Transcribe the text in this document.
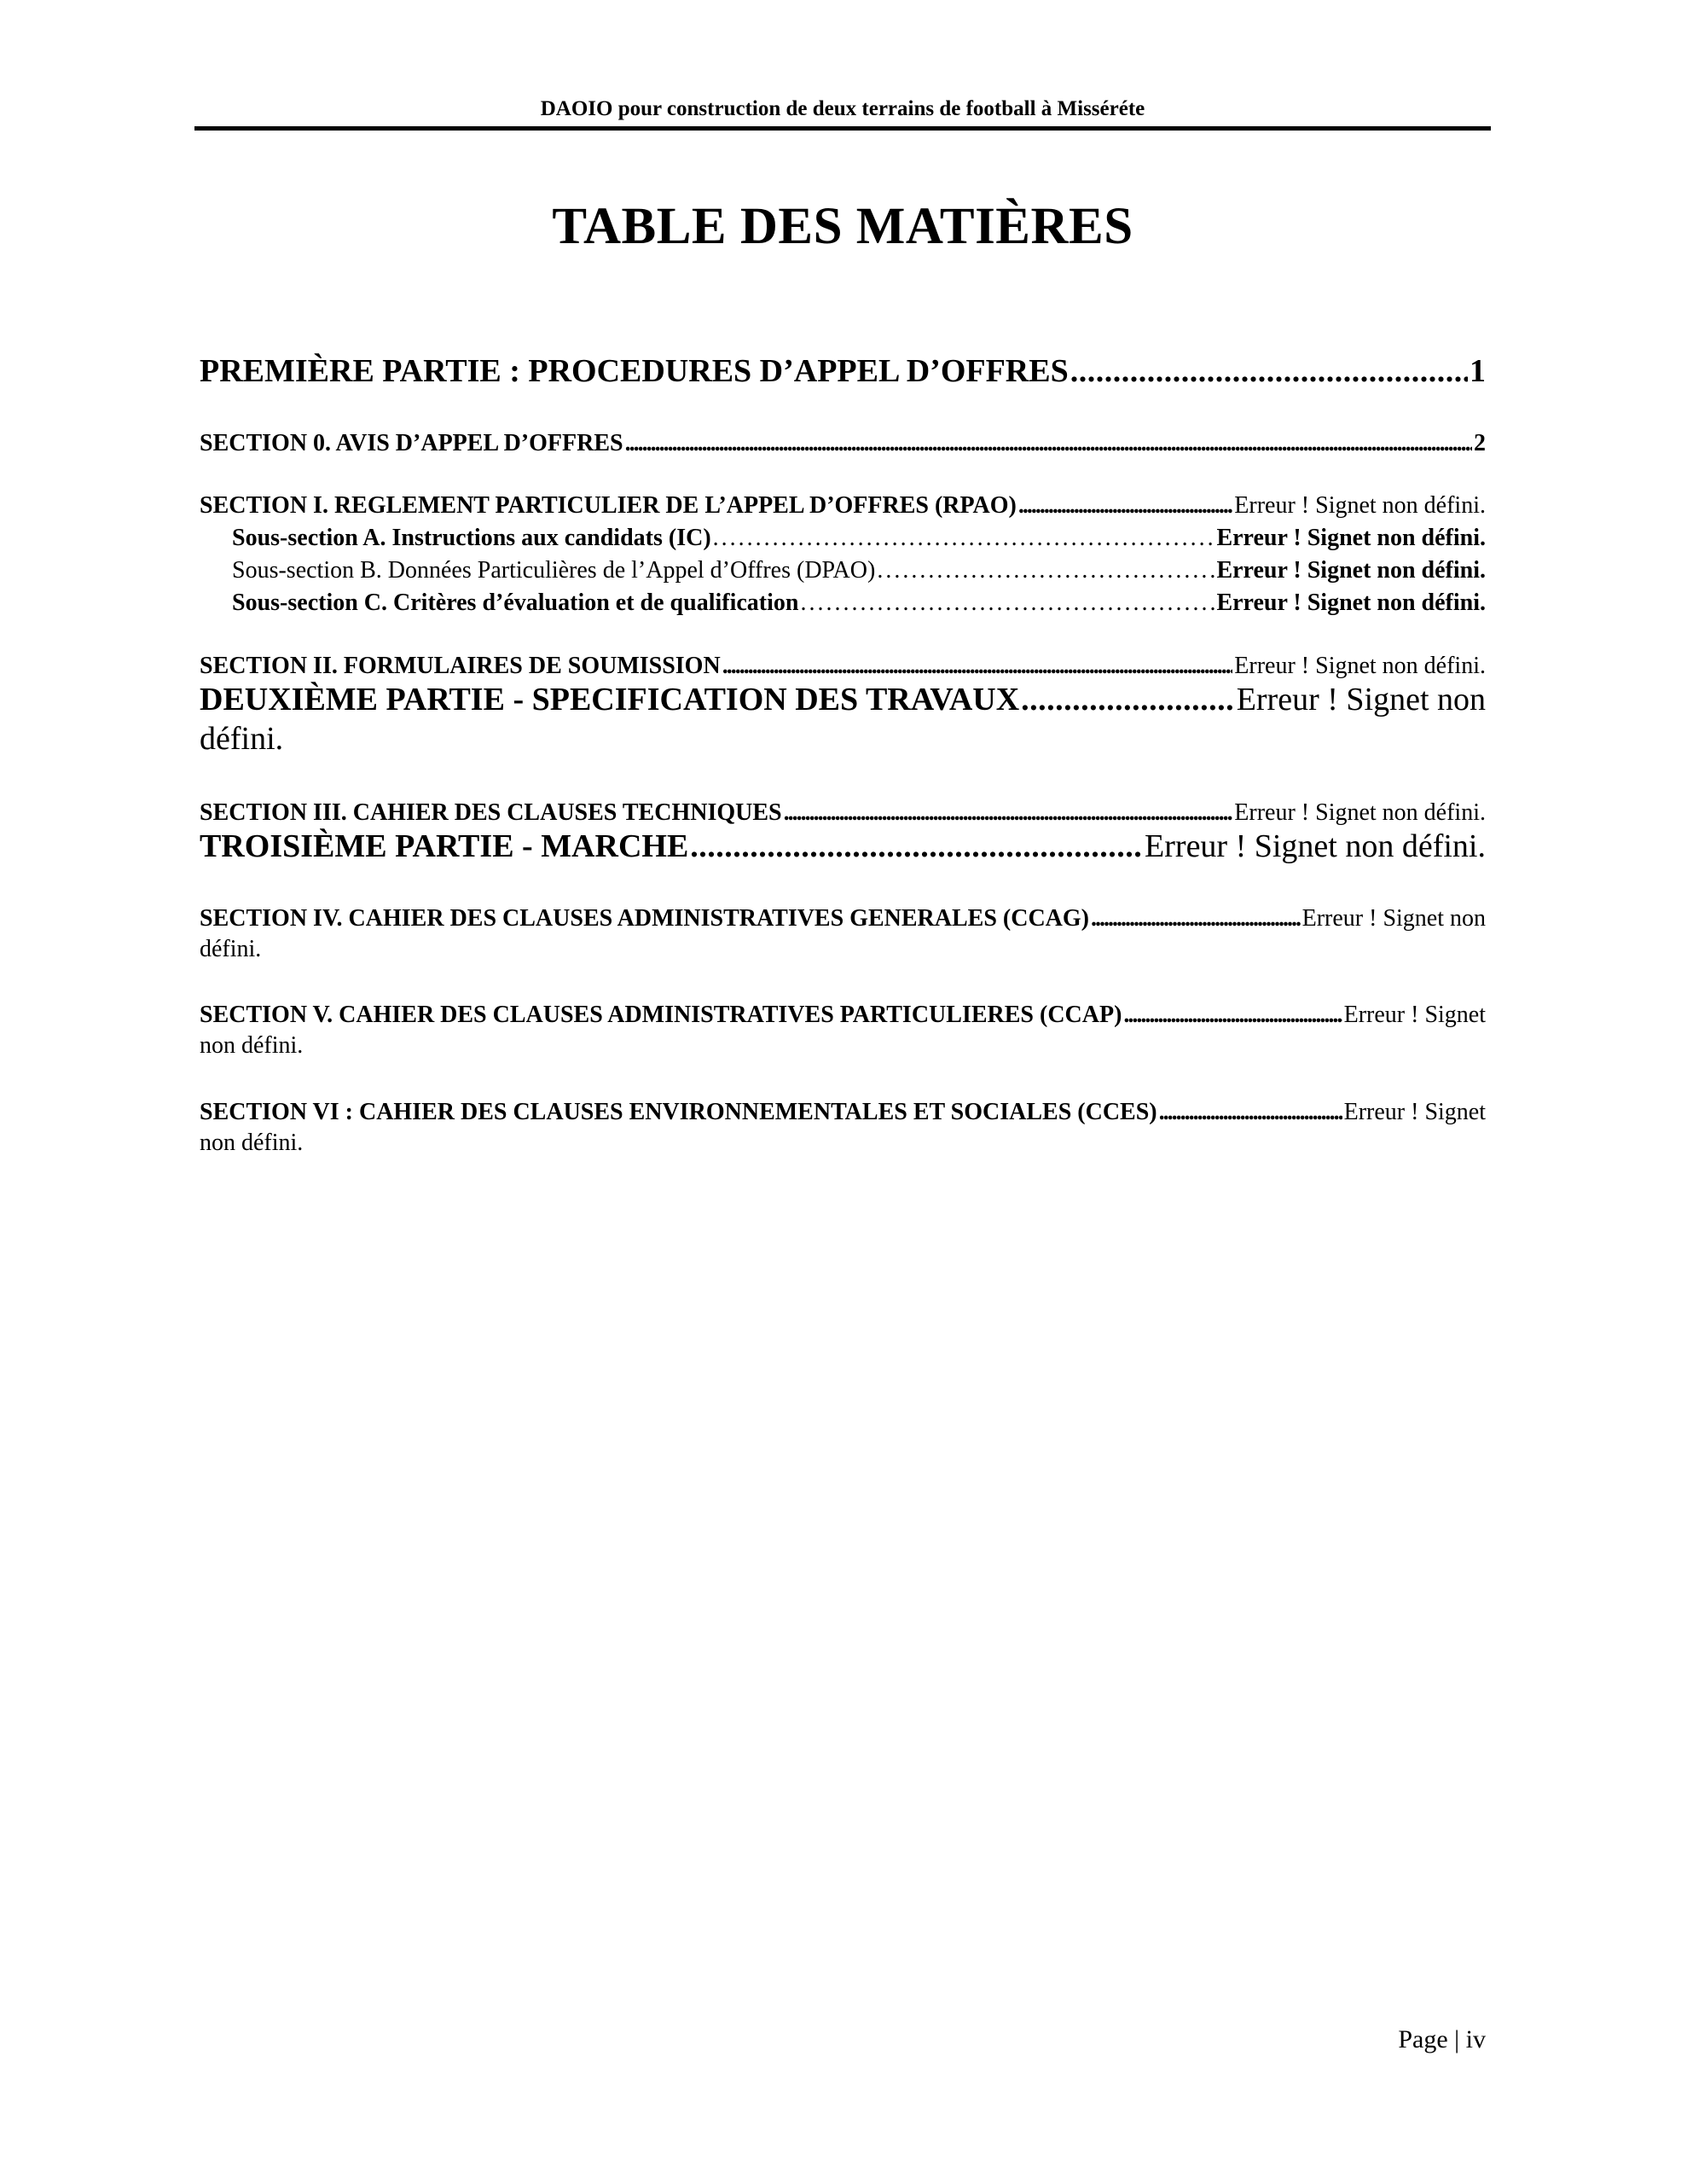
DAOIO pour construction de deux terrains de football à Misséréte
TABLE DES MATIÈRES
PREMIÈRE PARTIE : PROCEDURES D’APPEL D’OFFRES . . .	1
SECTION 0. AVIS D’APPEL D’OFFRES . . .	2
SECTION I. REGLEMENT PARTICULIER DE L’APPEL D’OFFRES (RPAO) . . .	Erreur ! Signet non défini.
Sous-section A. Instructions aux candidats (IC) . . .	Erreur ! Signet non défini.
Sous-section B. Données Particulières de l’Appel d’Offres (DPAO) . . .	Erreur ! Signet non défini.
Sous-section C. Critères d’évaluation et de qualification . . .	Erreur ! Signet non défini.
SECTION II. FORMULAIRES DE SOUMISSION . . .	Erreur ! Signet non défini.
DEUXIÈME PARTIE - SPECIFICATION DES TRAVAUX . . .	Erreur ! Signet non
défini.
SECTION III. CAHIER DES CLAUSES TECHNIQUES . . .	Erreur ! Signet non défini.
TROISIÈME PARTIE - MARCHE . . .	Erreur ! Signet non défini.
SECTION IV. CAHIER DES CLAUSES ADMINISTRATIVES GENERALES (CCAG) . . .	Erreur ! Signet non
défini.
SECTION V. CAHIER DES CLAUSES ADMINISTRATIVES PARTICULIERES (CCAP) . . .	Erreur ! Signet
non défini.
SECTION VI : CAHIER DES CLAUSES ENVIRONNEMENTALES ET SOCIALES (CCES) . . .	Erreur ! Signet
non défini.
Page | iv
